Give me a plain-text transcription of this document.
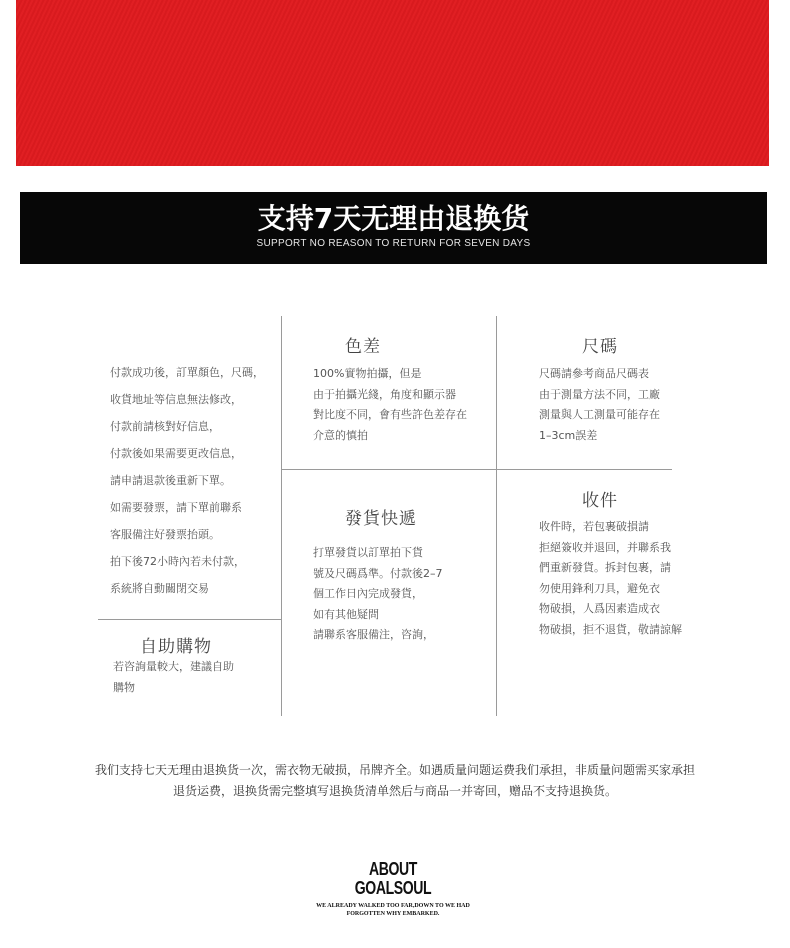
支持7天无理由退换货
SUPPORT NO REASON TO RETURN FOR SEVEN DAYS
付款成功後，訂單顏色，尺碼，
收貨地址等信息無法修改，
付款前請核對好信息，
付款後如果需要更改信息，
請申請退款後重新下單。
如需要發票，請下單前聯系
客服備注好發票抬頭。
拍下後72小時內若未付款，
系統將自動關閉交易
自助購物
若咨詢量較大，建議自助
購物
色差
100%實物拍攝，但是
由于拍攝光綫，角度和顯示器
對比度不同，會有些許色差存在
介意的慎拍
尺碼
尺碼請參考商品尺碼表
由于測量方法不同，工廠
測量與人工測量可能存在
1–3cm誤差
發貨快遞
打單發貨以訂單拍下貨
號及尺碼爲準。付款後2–7
個工作日內完成發貨，
如有其他疑問
請聯系客服備注，咨詢，
收件
收件時，若包裹破損請
拒絕簽收并退回，并聯系我
們重新發貨。拆封包裹，請
勿使用鋒利刀具，避免衣
物破損，人爲因素造成衣
物破損，拒不退貨，敬請諒解
我们支持七天无理由退换货一次，需衣物无破损，吊牌齐全。如遇质量问题运费我们承担，非质量问题需买家承担
退货运费，退换货需完整填写退换货清单然后与商品一并寄回，赠品不支持退换货。
ABOUT
GOALSOUL
WE ALREADY WALKED TOO FAR,DOWN TO WE HAD
FORGOTTEN WHY EMBARKED.
